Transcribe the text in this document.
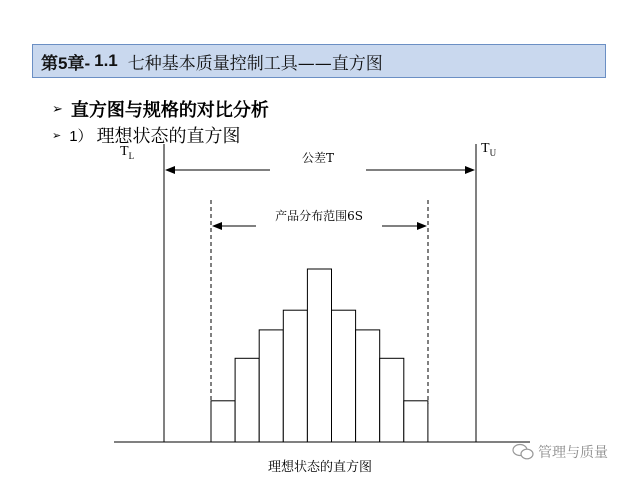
第5章- 1.1 七种基本质量控制工具——直方图
➢ 直方图与规格的对比分析
➢ 1） 理想状态的直方图
$T_L$	$T_U$
公差T
产品分布范围6S
理想状态的直方图
管理与质量
